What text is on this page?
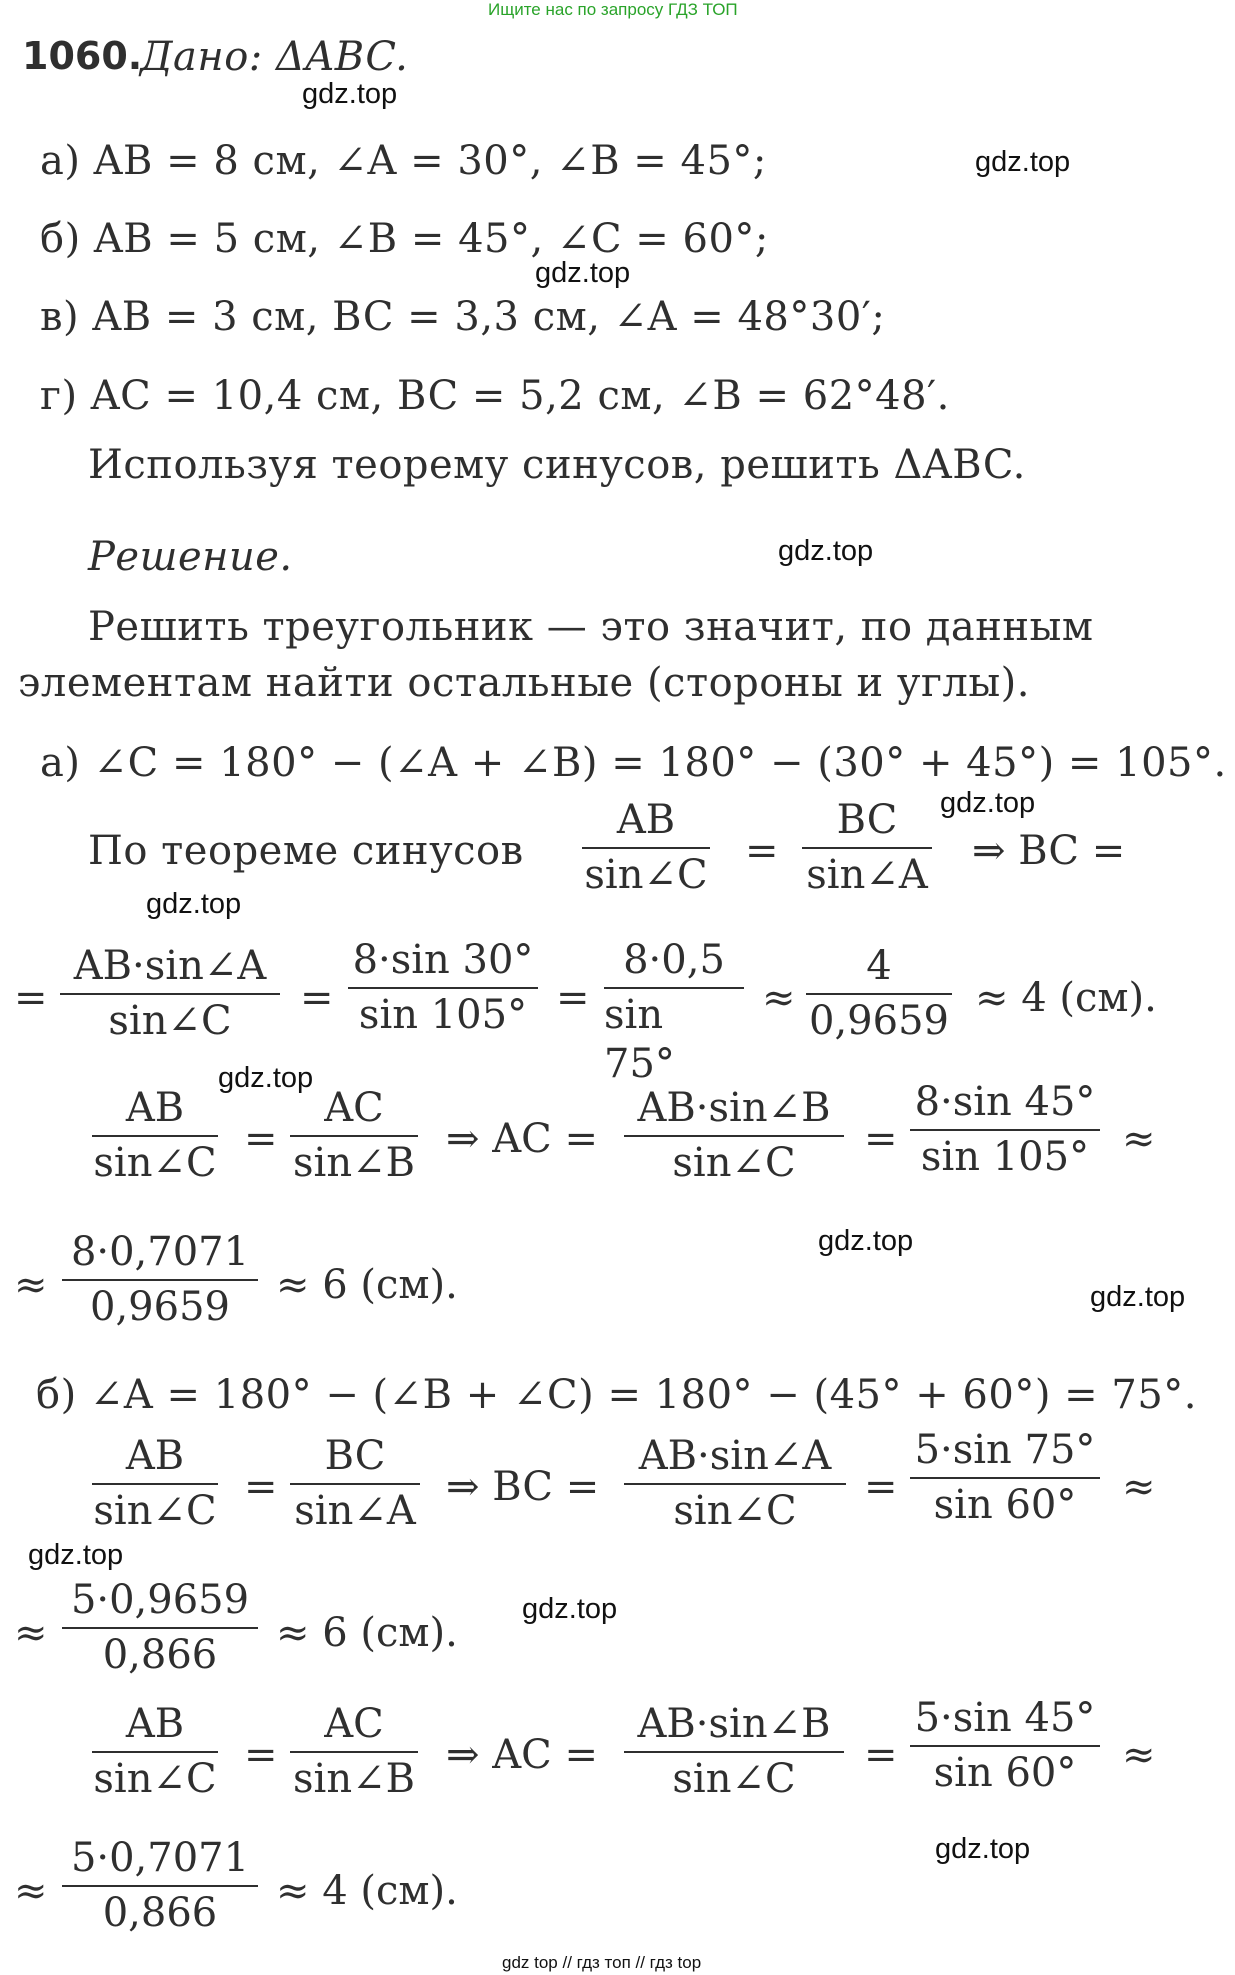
Ищите нас по запросу ГДЗ ТОП
gdz top // гдз топ // гдз top
gdz.top
gdz.top
gdz.top
gdz.top
gdz.top
gdz.top
gdz.top
gdz.top
gdz.top
gdz.top
gdz.top
gdz.top
1060.
Дано: ΔABC.
а) AB = 8 см, ∠A = 30°, ∠B = 45°;
б) AB = 5 см, ∠B = 45°, ∠C = 60°;
в) AB = 3 см, BC = 3,3 см, ∠A = 48°30′;
г) AC = 10,4 см, BC = 5,2 см, ∠B = 62°48′.
Используя теорему синусов, решить ΔABC.
Решение.
Решить треугольник — это значит, по данным
элементам найти остальные (стороны и углы).
а) ∠C = 180° − (∠A + ∠B) = 180° − (30° + 45°) = 105°.
По теореме синусов
AB
sin∠C
=
BC
sin∠A
⇒ BC =
=
AB·sin∠A
sin∠C =
8·sin 30°
sin 105° =
8·0,5
sin 75°
≈
4
0,9659 ≈ 4 (см).
AB
sin∠C
=
AC
sin∠B
⇒ AC =
AB·sin∠B
sin∠C
=
8·sin 45°
sin 105° ≈
≈
8·0,7071
0,9659 ≈ 6 (см).
б) ∠A = 180° − (∠B + ∠C) = 180° − (45° + 60°) = 75°.
AB
sin∠C
=
BC
sin∠A
⇒ BC =
AB·sin∠A
sin∠C
=
5·sin 75°
sin 60° ≈
≈
5·0,9659
0,866 ≈ 6 (см).
AB
sin∠C
=
AC
sin∠B
⇒ AC =
AB·sin∠B
sin∠C
=
5·sin 45°
sin 60° ≈
≈
5·0,7071
0,866 ≈ 4 (см).
